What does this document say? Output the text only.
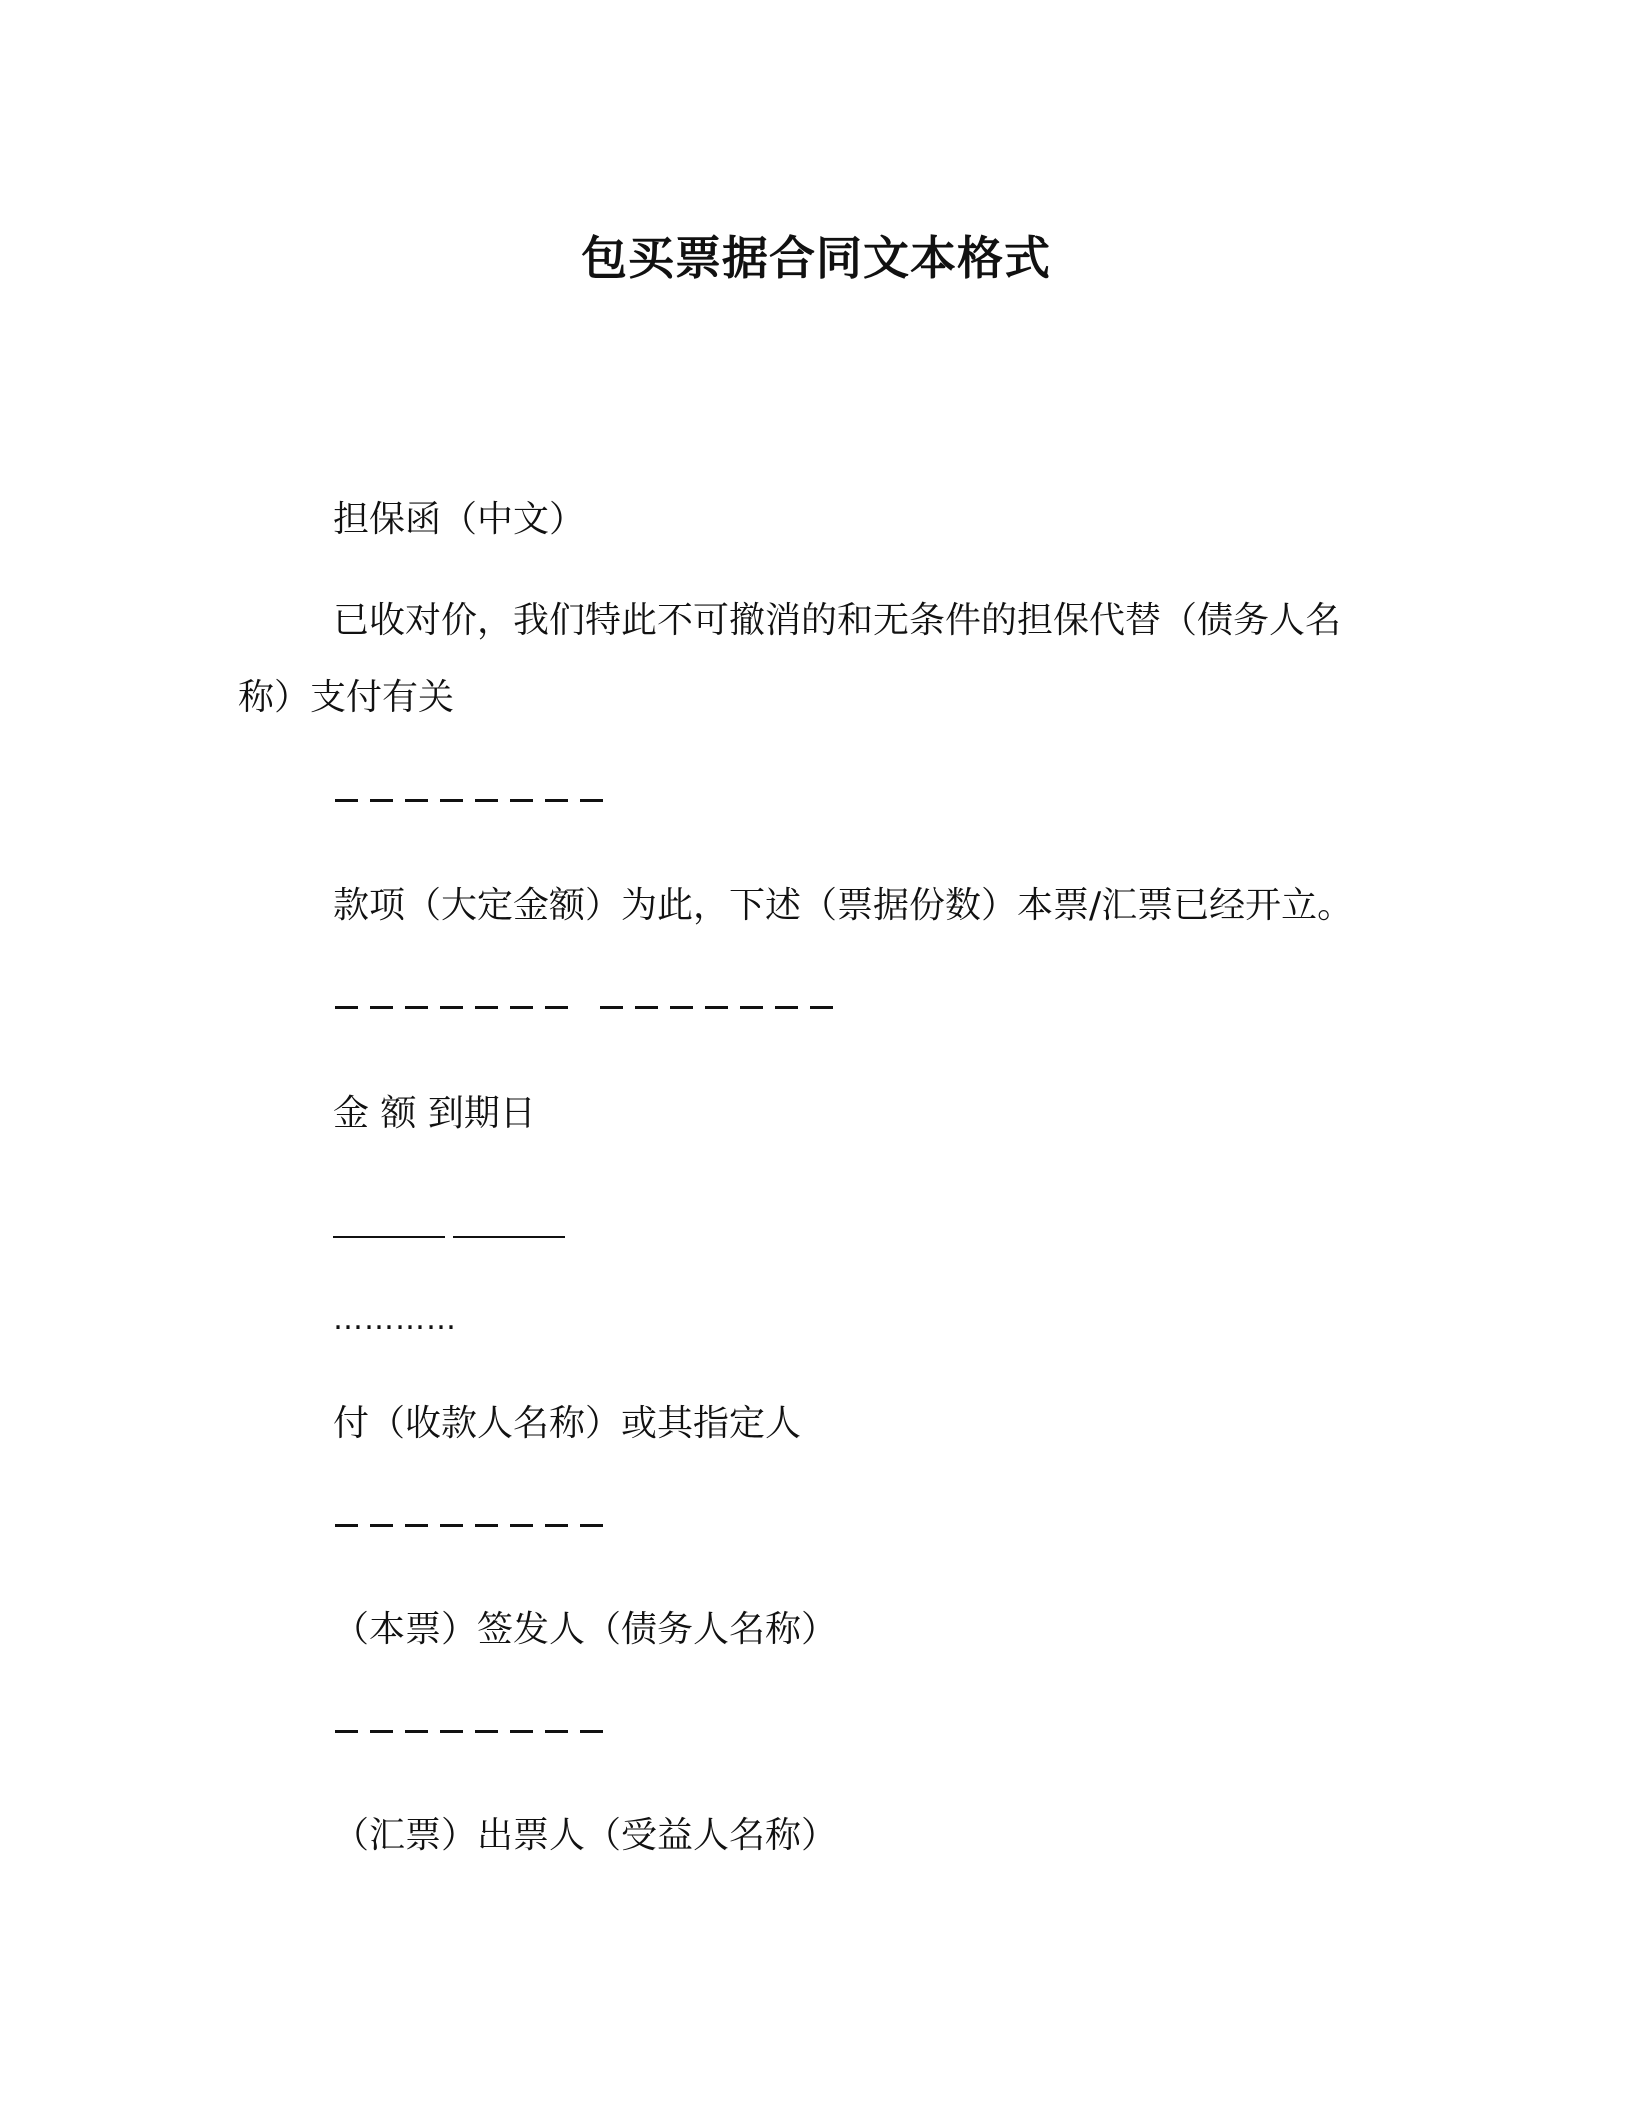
包买票据合同文本格式
担保函（中文）
已收对价，我们特此不可撤消的和无条件的担保代替（债务人名
称）支付有关
款项（大定金额）为此，下述（票据份数）本票/汇票已经开立。
金 额 到期日
…………
付（收款人名称）或其指定人
（本票）签发人（债务人名称）
（汇票）出票人（受益人名称）
